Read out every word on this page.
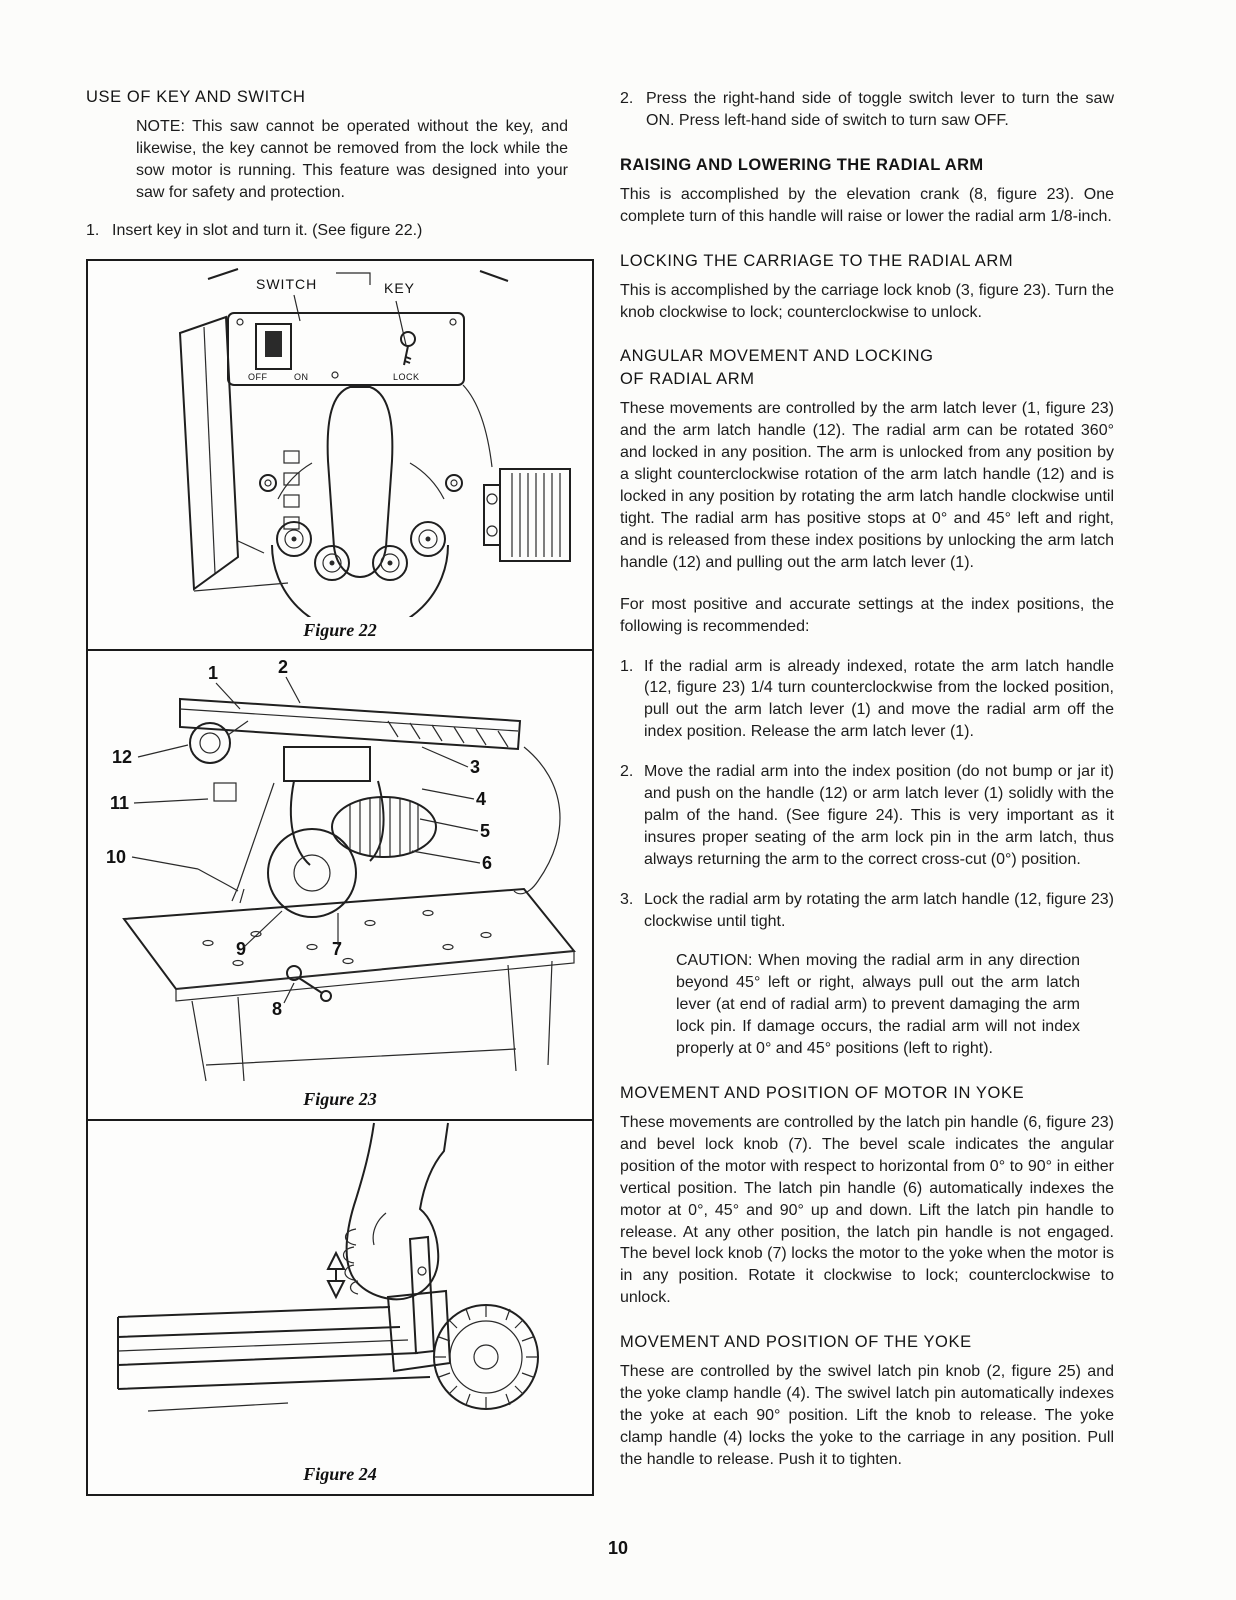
USE OF KEY AND SWITCH
NOTE: This saw cannot be operated without the key, and likewise, the key cannot be removed from the lock while the sow motor is running. This feature was designed into your saw for safety and protection.
1. Insert key in slot and turn it. (See figure 22.)
SWITCH	KEY
OFF	ON	LOCK
Figure 22
1	2
3
4
5
6
7
8
9
10
11
12
Figure 23
Figure 24
2. Press the right-hand side of toggle switch lever to turn the saw ON. Press left-hand side of switch to turn saw OFF.
RAISING AND LOWERING THE RADIAL ARM
This is accomplished by the elevation crank (8, figure 23). One complete turn of this handle will raise or lower the radial arm 1/8-inch.
LOCKING THE CARRIAGE TO THE RADIAL ARM
This is accomplished by the carriage lock knob (3, figure 23). Turn the knob clockwise to lock; counterclockwise to unlock.
ANGULAR MOVEMENT AND LOCKING
OF RADIAL ARM
These movements are controlled by the arm latch lever (1, figure 23) and the arm latch handle (12). The radial arm can be rotated 360° and locked in any position. The arm is unlocked from any position by a slight counterclockwise rotation of the arm latch handle (12) and is locked in any position by rotating the arm latch handle clockwise until tight. The radial arm has positive stops at 0° and 45° left and right, and is released from these index positions by unlocking the arm latch handle (12) and pulling out the arm latch lever (1).
For most positive and accurate settings at the index positions, the following is recommended:
1. If the radial arm is already indexed, rotate the arm latch handle (12, figure 23) 1/4 turn counterclockwise from the locked position, pull out the arm latch lever (1) and move the radial arm off the index position. Release the arm latch lever (1).
2. Move the radial arm into the index position (do not bump or jar it) and push on the handle (12) or arm latch lever (1) solidly with the palm of the hand. (See figure 24). This is very important as it insures proper seating of the arm lock pin in the arm latch, thus always returning the arm to the correct cross-cut (0°) position.
3. Lock the radial arm by rotating the arm latch handle (12, figure 23) clockwise until tight.
CAUTION: When moving the radial arm in any direction beyond 45° left or right, always pull out the arm latch lever (at end of radial arm) to prevent damaging the arm lock pin. If damage occurs, the radial arm will not index properly at 0° and 45° positions (left to right).
MOVEMENT AND POSITION OF MOTOR IN YOKE
These movements are controlled by the latch pin handle (6, figure 23) and bevel lock knob (7). The bevel scale indicates the angular position of the motor with respect to horizontal from 0° to 90° in either vertical position. The latch pin handle (6) automatically indexes the motor at 0°, 45° and 90° up and down. Lift the latch pin handle to release. At any other position, the latch pin handle is not engaged. The bevel lock knob (7) locks the motor to the yoke when the motor is in any position. Rotate it clockwise to lock; counterclockwise to unlock.
MOVEMENT AND POSITION OF THE YOKE
These are controlled by the swivel latch pin knob (2, figure 25) and the yoke clamp handle (4). The swivel latch pin automatically indexes the yoke at each 90° position. Lift the knob to release. The yoke clamp handle (4) locks the yoke to the carriage in any position. Pull the handle to release. Push it to tighten.
10
